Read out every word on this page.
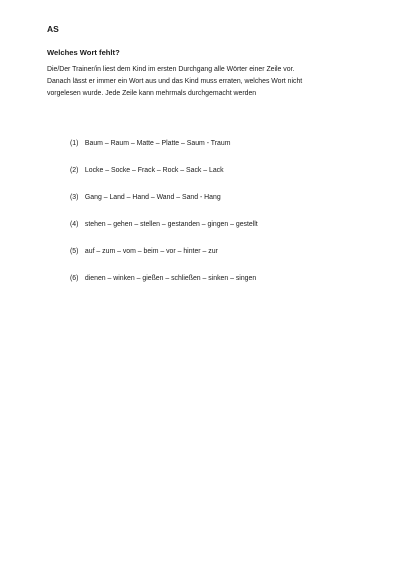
AS

Welches Wort fehlt?

Die/Der Trainer/in liest dem Kind im ersten Durchgang alle Wörter einer Zeile vor.
Danach lässt er immer ein Wort aus und das Kind muss erraten, welches Wort nicht
vorgelesen wurde. Jede Zeile kann mehrmals durchgemacht werden

(1) Baum – Raum – Matte – Platte – Saum - Traum
(2) Locke – Socke – Frack – Rock – Sack – Lack
(3) Gang – Land – Hand – Wand – Sand - Hang
(4) stehen – gehen – stellen – gestanden – gingen – gestellt
(5) auf – zum – vom – beim – vor – hinter – zur
(6) dienen – winken – gießen – schließen – sinken – singen
